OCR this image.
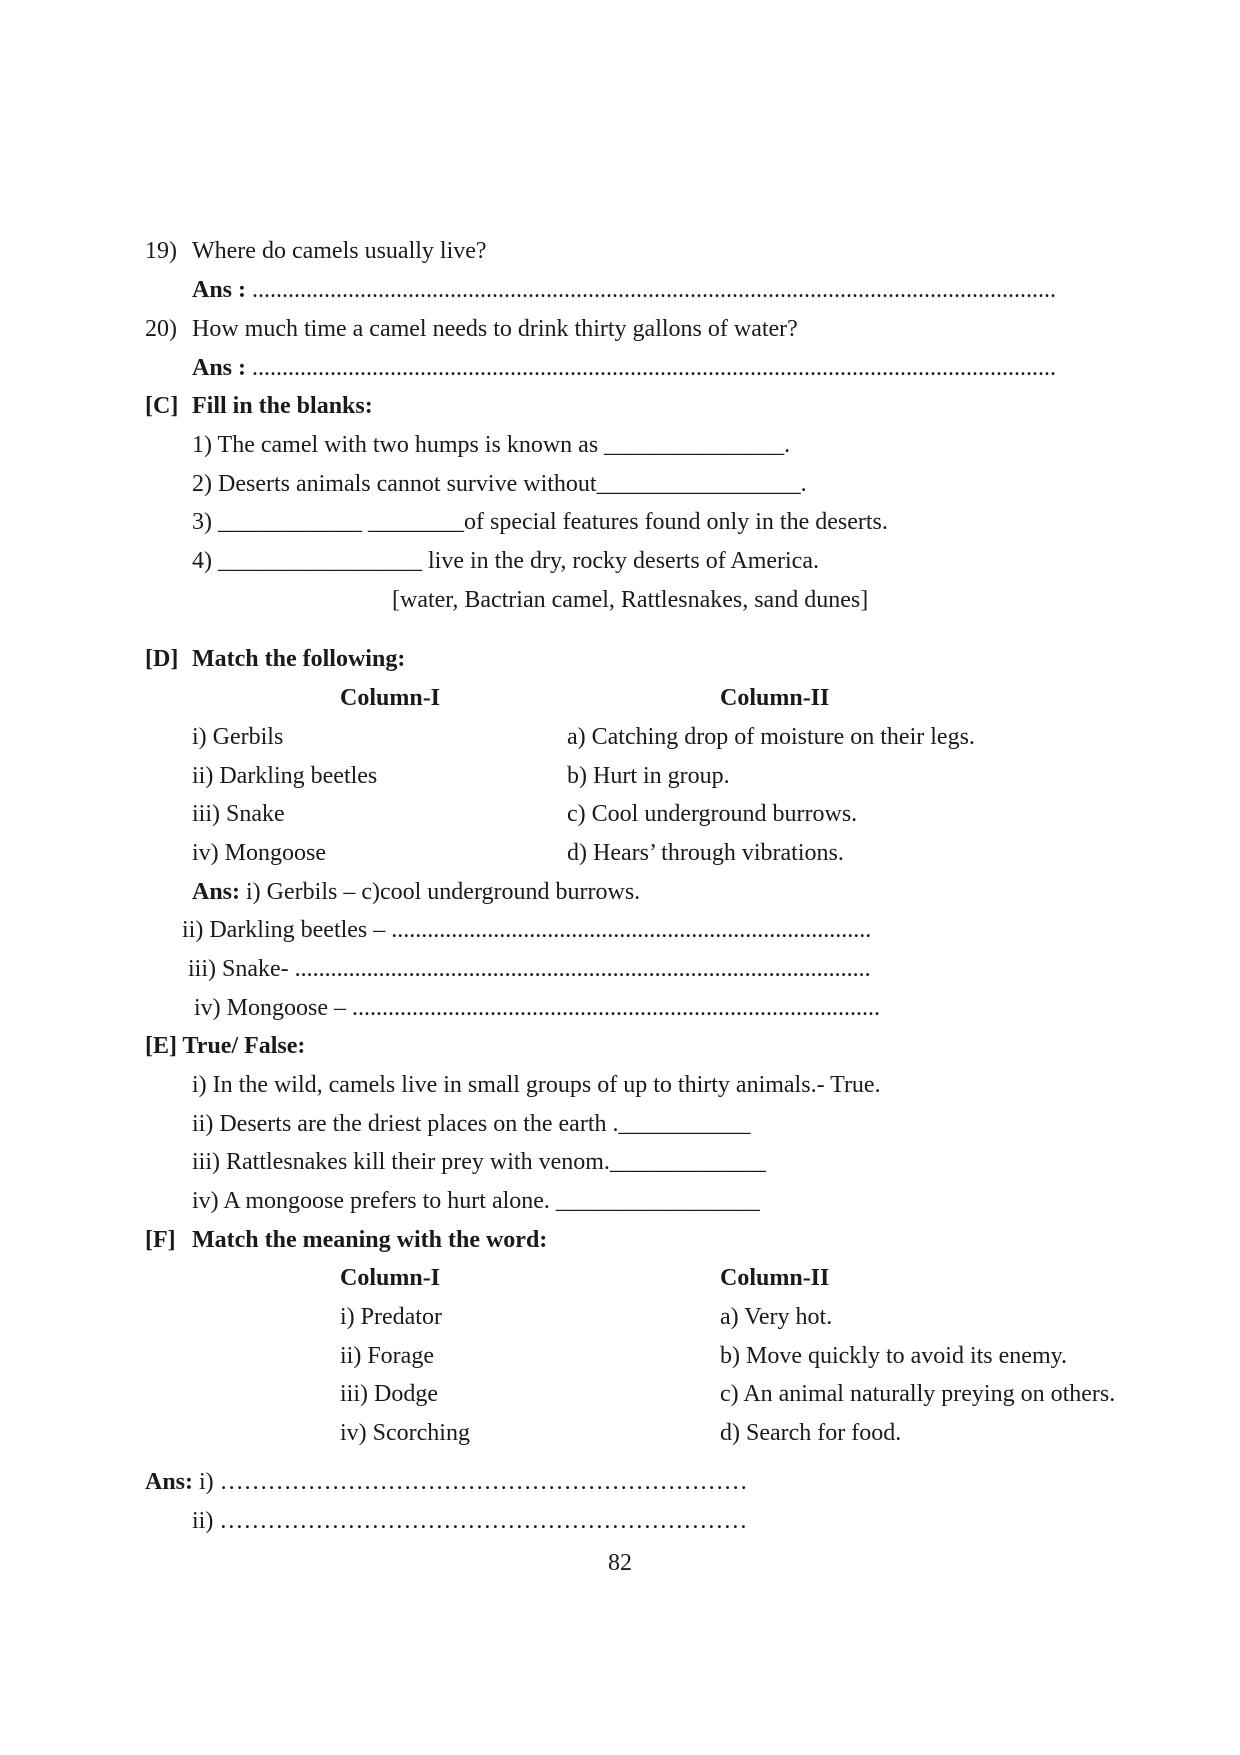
19) Where do camels usually live?
Ans : ......................................................................................................................................
20) How much time a camel needs to drink thirty gallons of water?
Ans : ......................................................................................................................................
[C] Fill in the blanks:
1) The camel with two humps is known as _______________.
2) Deserts animals cannot survive without_________________.
3) ____________ ________of special features found only in the deserts.
4) _________________ live in the dry, rocky deserts of America.
[water, Bactrian camel, Rattlesnakes, sand dunes]
[D] Match the following:
Column-I	Column-II
i) Gerbils	a) Catching drop of moisture on their legs.
ii) Darkling beetles	b) Hurt in group.
iii) Snake	c) Cool underground burrows.
iv) Mongoose	d) Hears’ through vibrations.
Ans: i) Gerbils – c)cool underground burrows.
ii) Darkling beetles – ................................................................................
iii) Snake- ................................................................................................
iv) Mongoose – ........................................................................................
[E] True/ False:
i) In the wild, camels live in small groups of up to thirty animals.- True.
ii) Deserts are the driest places on the earth .___________
iii) Rattlesnakes kill their prey with venom._____________
iv) A mongoose prefers to hurt alone. _________________
[F] Match the meaning with the word:
Column-I	Column-II
i) Predator	a) Very hot.
ii) Forage	b) Move quickly to avoid its enemy.
iii) Dodge	c) An animal naturally preying on others.
iv) Scorching	d) Search for food.
Ans: i) …………………………………………………………
ii) …………………………………………………………
82
